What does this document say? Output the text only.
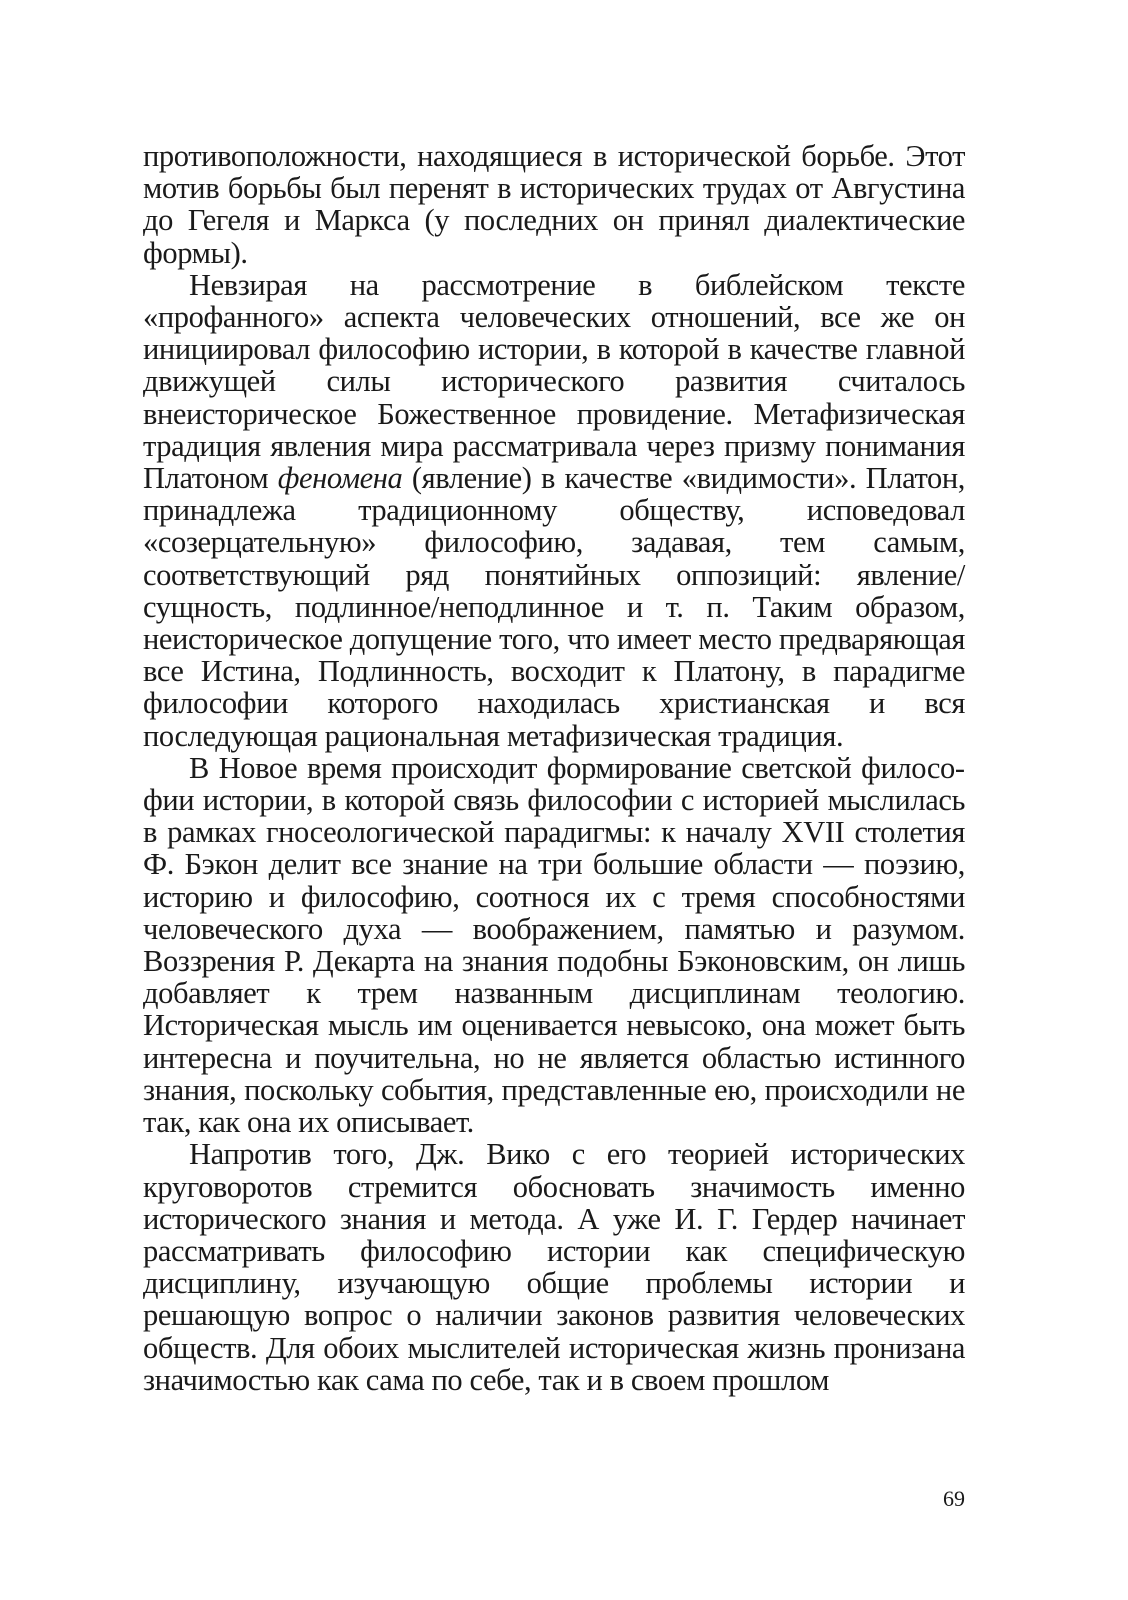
противоположности, находящиеся в исторической борьбе. Этот мотив борьбы был перенят в исторических трудах от Августина до Гегеля и Маркса (у последних он принял диалектические формы).

Невзирая на рассмотрение в библейском тексте «профанного» аспекта человеческих отношений, все же он инициировал философию истории, в которой в качестве главной движущей силы исторического развития считалось внеисторическое Божественное провидение. Метафизическая традиция явления мира рассматривала через призму понимания Платоном феномена (явление) в качестве «видимости». Платон, принадлежа традиционному обществу, исповедовал «созерцательную» философию, задавая, тем самым, соответствующий ряд понятийных оппозиций: явление/сущность, подлинное/неподлинное и т. п. Таким образом, неисторическое допущение того, что имеет место предваряющая все Истина, Подлинность, восходит к Платону, в парадигме философии которого находилась христианская и вся последующая рациональная метафизическая традиция.

В Новое время происходит формирование светской философии истории, в которой связь философии с историей мыслилась в рамках гносеологической парадигмы: к началу XVII столетия Ф. Бэкон делит все знание на три большие области — поэзию, историю и философию, соотнося их с тремя способностями человеческого духа — воображением, памятью и разумом. Воззрения Р. Декарта на знания подобны Бэконовским, он лишь добавляет к трем названным дисциплинам теологию. Историческая мысль им оценивается невысоко, она может быть интересна и поучительна, но не является областью истинного знания, поскольку события, представленные ею, происходили не так, как она их описывает.

Напротив того, Дж. Вико с его теорией исторических круговоротов стремится обосновать значимость именно исторического знания и метода. А уже И. Г. Гердер начинает рассматривать философию истории как специфическую дисциплину, изучающую общие проблемы истории и решающую вопрос о наличии законов развития человеческих обществ. Для обоих мыслителей историческая жизнь пронизана значимостью как сама по себе, так и в своем прошлом

69
